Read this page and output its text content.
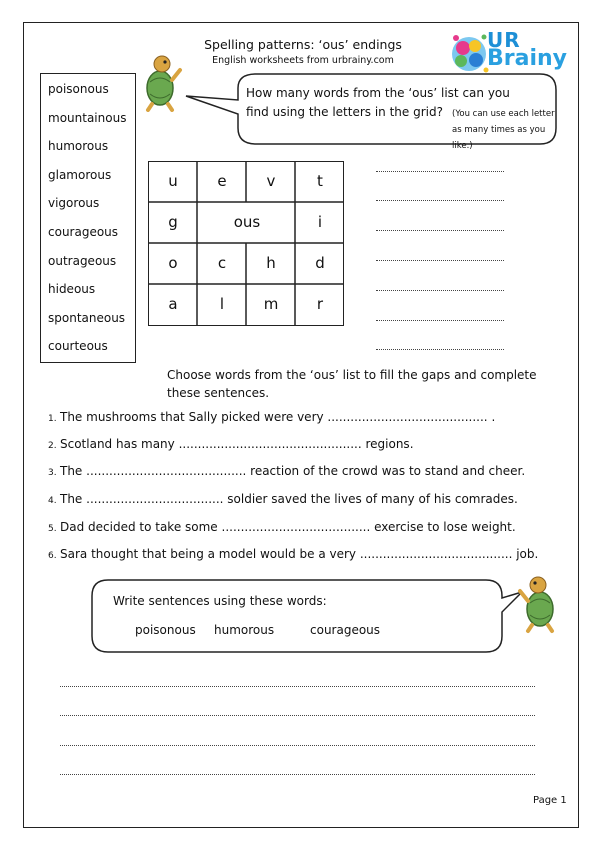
Spelling patterns: ‘ous’ endings
English worksheets from urbrainy.com
UR
Brainy
poisonous
mountainous
humorous
glamorous
vigorous
courageous
outrageous
hideous
spontaneous
courteous
How many words from the ‘ous’ list can you
find using the letters in the grid?	(You can use each letter as many times as you like.)
u	e	v	t
g	ous	i
o	c	h	d
a	l	m	r
Choose words from the ‘ous’ list to fill the gaps and complete these sentences.
1. The mushrooms that Sally picked were very .......................................... .
2. Scotland has many ................................................ regions.
3. The .......................................... reaction of the crowd was to stand and cheer.
4. The .................................... soldier saved the lives of many of his comrades.
5. Dad decided to take some ....................................... exercise to lose weight.
6. Sara thought that being a model would be a very ........................................ job.
Write sentences using these words:
poisonous humorous	courageous
Page 1
